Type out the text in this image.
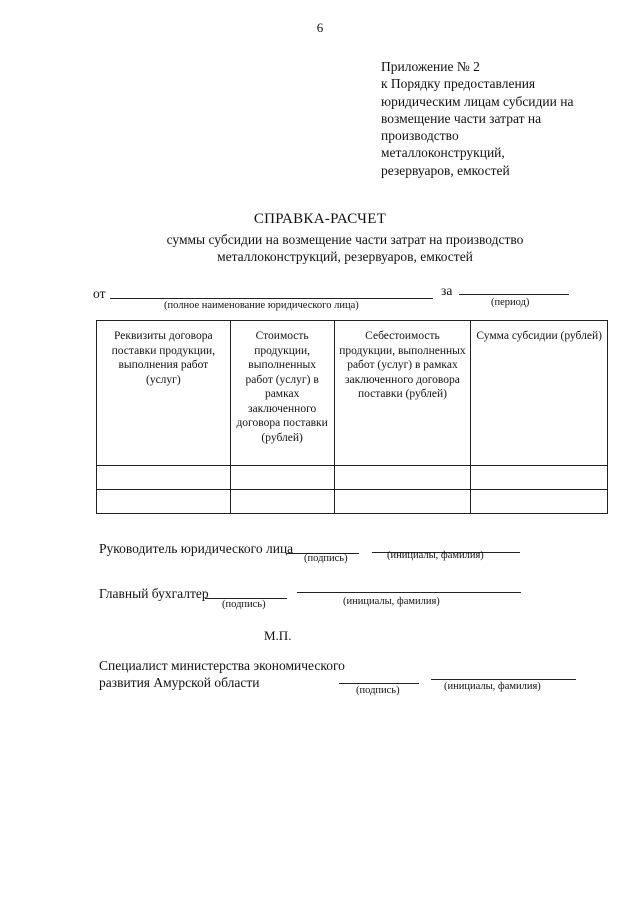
6
Приложение № 2
к Порядку предоставления
юридическим лицам субсидии на
возмещение части затрат на
производство
металлоконструкций,
резервуаров, емкостей
СПРАВКА-РАСЧЕТ
суммы субсидии на возмещение части затрат на производство
металлоконструкций, резервуаров, емкостей
от	за
(полное наименование юридического лица)	(период)
Реквизиты договора поставки продукции, выполнения работ (услуг)	Стоимость продукции, выполненных работ (услуг) в рамках заключенного договора поставки (рублей)	Себестоимость продукции, выполненных работ (услуг) в рамках заключенного договора поставки (рублей)	Сумма субсидии (рублей)

Руководитель юридического лица
(подпись)	(инициалы, фамилия)
Главный бухгалтер
(подпись)	(инициалы, фамилия)
М.П.
Специалист министерства экономического
развития Амурской области
(подпись)	(инициалы, фамилия)
